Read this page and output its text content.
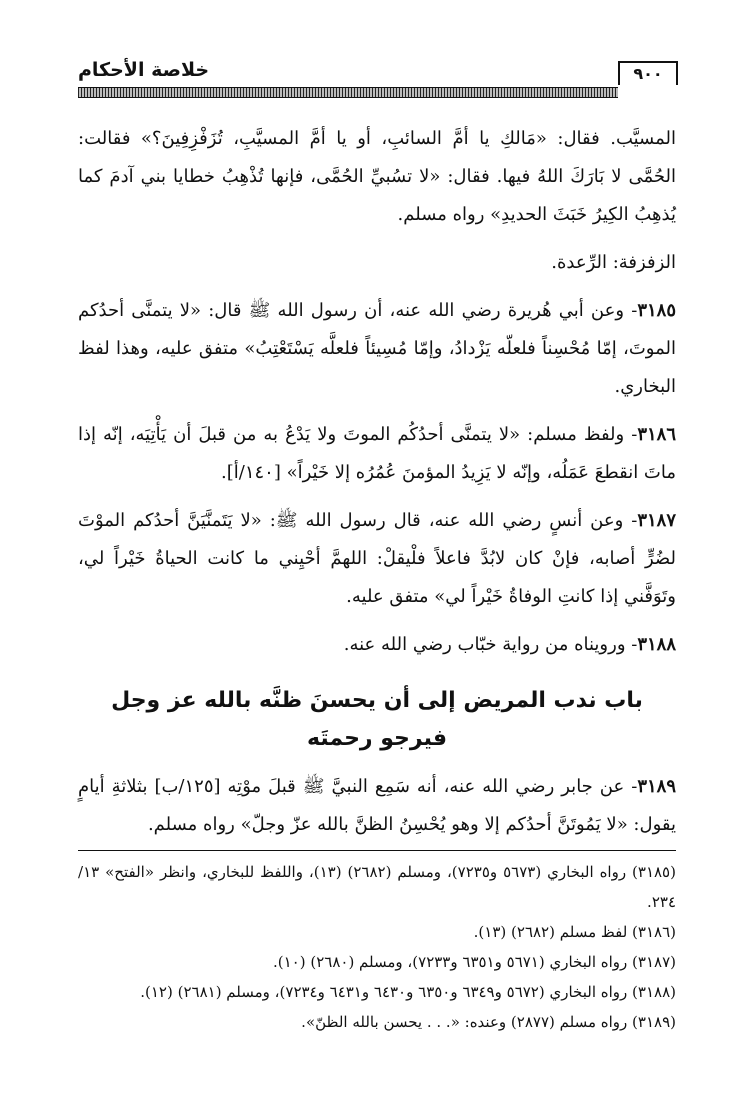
خلاصة الأحكام	٩٠٠

المسيَّب. فقال: «مَالكِ يا أمَّ السائبِ، أو يا أمَّ المسيَّبِ، تُزَفْزِفِينَ؟» فقالت: الحُمَّى لا بَارَكَ اللهُ فيها. فقال: «لا تسُبيِّ الحُمَّى، فإنها تُذْهِبُ خطايا بني آدمَ كما يُذهِبُ الكِيرُ خَبَثَ الحديدِ» رواه مسلم.

الزفزفة: الرِّعدة.

٣١٨٥- وعن أبي هُريرة رضي الله عنه، أن رسول الله ﷺ قال: «لا يتمنَّى أحدُكم الموتَ، إمّا مُحْسِناً فلعلّه يَزْدادُ، وإمّا مُسِيئاً فلعلَّه يَسْتَعْتِبُ» متفق عليه، وهذا لفظ البخاري.

٣١٨٦- ولفظ مسلم: «لا يتمنَّى أحدُكُم الموتَ ولا يَدْعُ به من قبلَ أن يَأْتِيَه، إنّه إذا ماتَ انقطعَ عَمَلُه، وإنّه لا يَزِيدُ المؤمنَ عُمُرُه إلا خَيْراً» [١٤٠/أ].

٣١٨٧- وعن أنسٍ رضي الله عنه، قال رسول الله ﷺ: «لا يَتَمنَّيَنَّ أحدُكم الموْتَ لضُرٍّ أصابه، فإنْ كان لابُدَّ فاعلاً فلْيقلْ: اللهمَّ أحْيِني ما كانت الحياةُ خَيْراً لي، وتَوَفَّني إذا كانتِ الوفاةُ خَيْراً لي» متفق عليه.

٣١٨٨- ورويناه من رواية خبّاب رضي الله عنه.

باب ندب المريض إلى أن يحسنَ ظنَّه بالله عز وجل فيرجو رحمتَه

٣١٨٩- عن جابر رضي الله عنه، أنه سَمِع النبيَّ ﷺ قبلَ موْتِه [١٢٥/ب] بثلاثةِ أيامٍ يقول: «لا يَمُوتَنَّ أحدُكم إلا وهو يُحْسِنُ الظنَّ بالله عزّ وجلّ» رواه مسلم.

(٣١٨٥) رواه البخاري (٥٦٧٣ و٧٢٣٥)، ومسلم (٢٦٨٢) (١٣)، واللفظ للبخاري، وانظر «الفتح» ١٣/ ٢٣٤.

(٣١٨٦) لفظ مسلم (٢٦٨٢) (١٣).

(٣١٨٧) رواه البخاري (٥٦٧١ و٦٣٥١ و٧٢٣٣)، ومسلم (٢٦٨٠) (١٠).

(٣١٨٨) رواه البخاري (٥٦٧٢ و٦٣٤٩ و٦٣٥٠ و٦٤٣٠ و٦٤٣١ و٧٢٣٤)، ومسلم (٢٦٨١) (١٢).

(٣١٨٩) رواه مسلم (٢٨٧٧) وعنده: «. . . يحسن بالله الظنّ».
